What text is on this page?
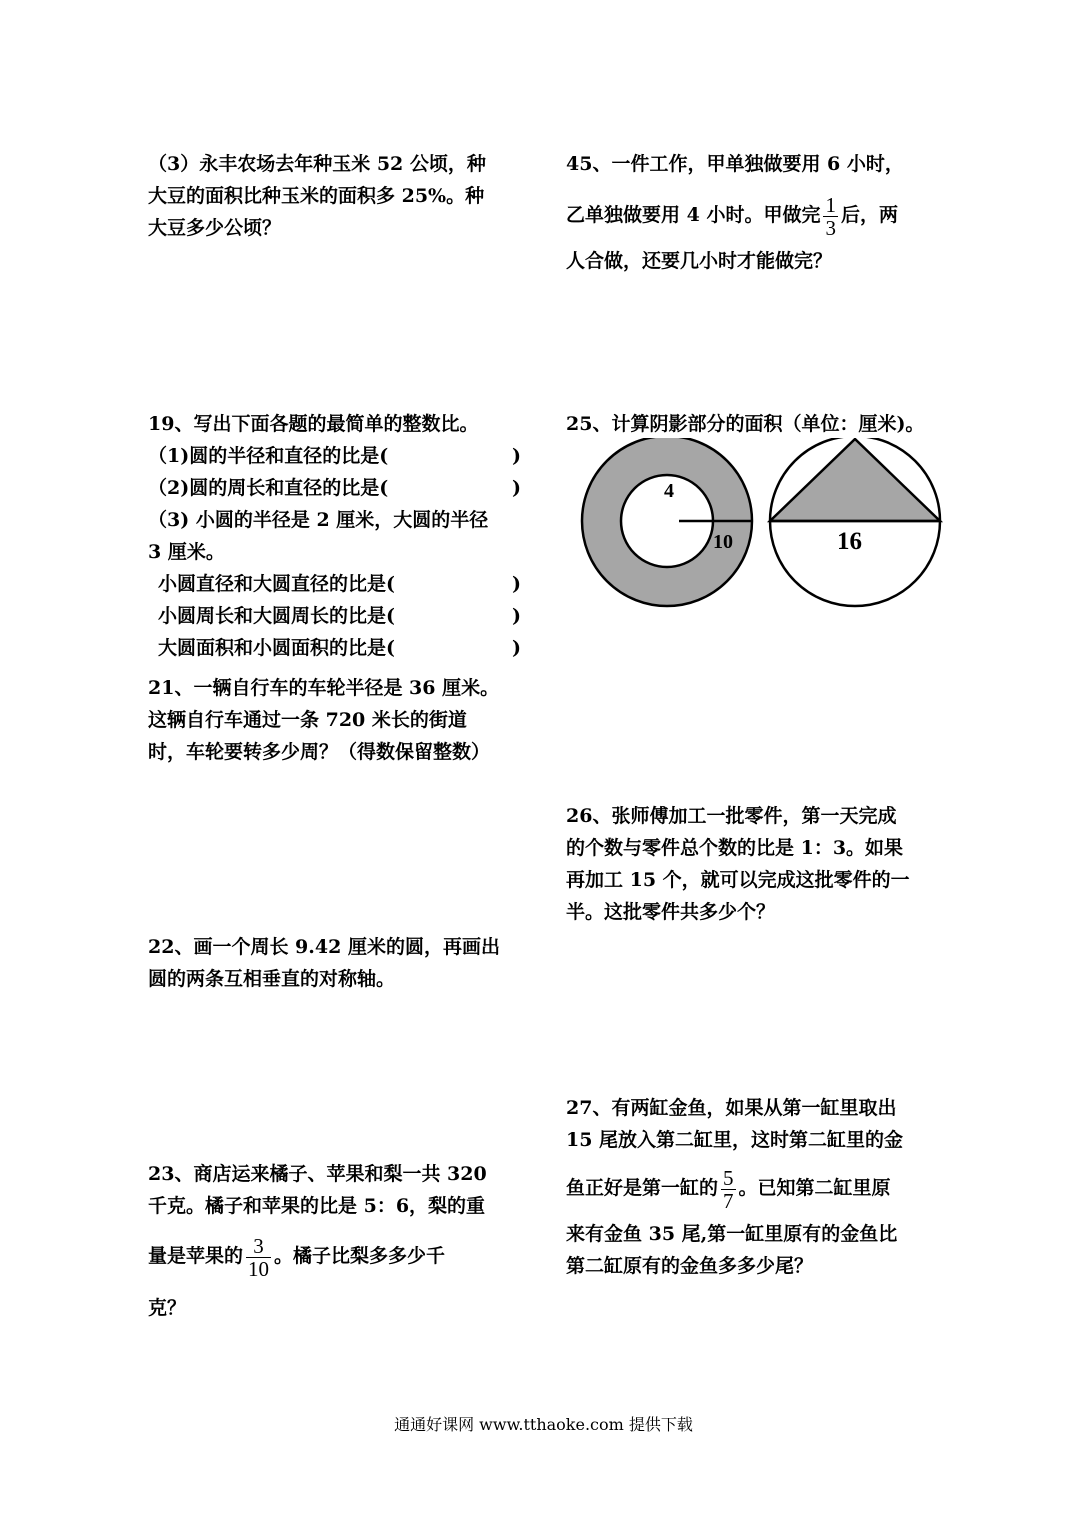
（3）永丰农场去年种玉米 52 公顷，种
大豆的面积比种玉米的面积多 25%。种
大豆多少公顷？
19、写出下面各题的最简单的整数比。
（1)圆的半径和直径的比是(	)
（2)圆的周长和直径的比是(	)
（3) 小圆的半径是 2 厘米，大圆的半径
3 厘米。
小圆直径和大圆直径的比是(	)
小圆周长和大圆周长的比是(	)
大圆面积和小圆面积的比是(	)
21、一辆自行车的车轮半径是 36 厘米。
这辆自行车通过一条 720 米长的街道
时，车轮要转多少周？（得数保留整数）
22、画一个周长 9.42 厘米的圆，再画出
圆的两条互相垂直的对称轴。
23、商店运来橘子、苹果和梨一共 320
千克。橘子和苹果的比是 5：6，梨的重
量是苹果的 $\frac{3}{10}$ 。橘子比梨多多少千
克？
45、一件工作，甲单独做要用 6 小时，
乙单独做要用 4 小时。甲做完 $\frac{1}{3}$ 后，两
人合做，还要几小时才能做完？
25、计算阴影部分的面积（单位：厘米)。
4
10	16
26、张师傅加工一批零件，第一天完成
的个数与零件总个数的比是 1：3。如果
再加工 15 个，就可以完成这批零件的一
半。这批零件共多少个？
27、有两缸金鱼，如果从第一缸里取出
15 尾放入第二缸里，这时第二缸里的金
鱼正好是第一缸的 $\frac{5}{7}$ 。已知第二缸里原
来有金鱼 35 尾,第一缸里原有的金鱼比
第二缸原有的金鱼多多少尾？
通通好课网 www.tthaoke.com 提供下载
